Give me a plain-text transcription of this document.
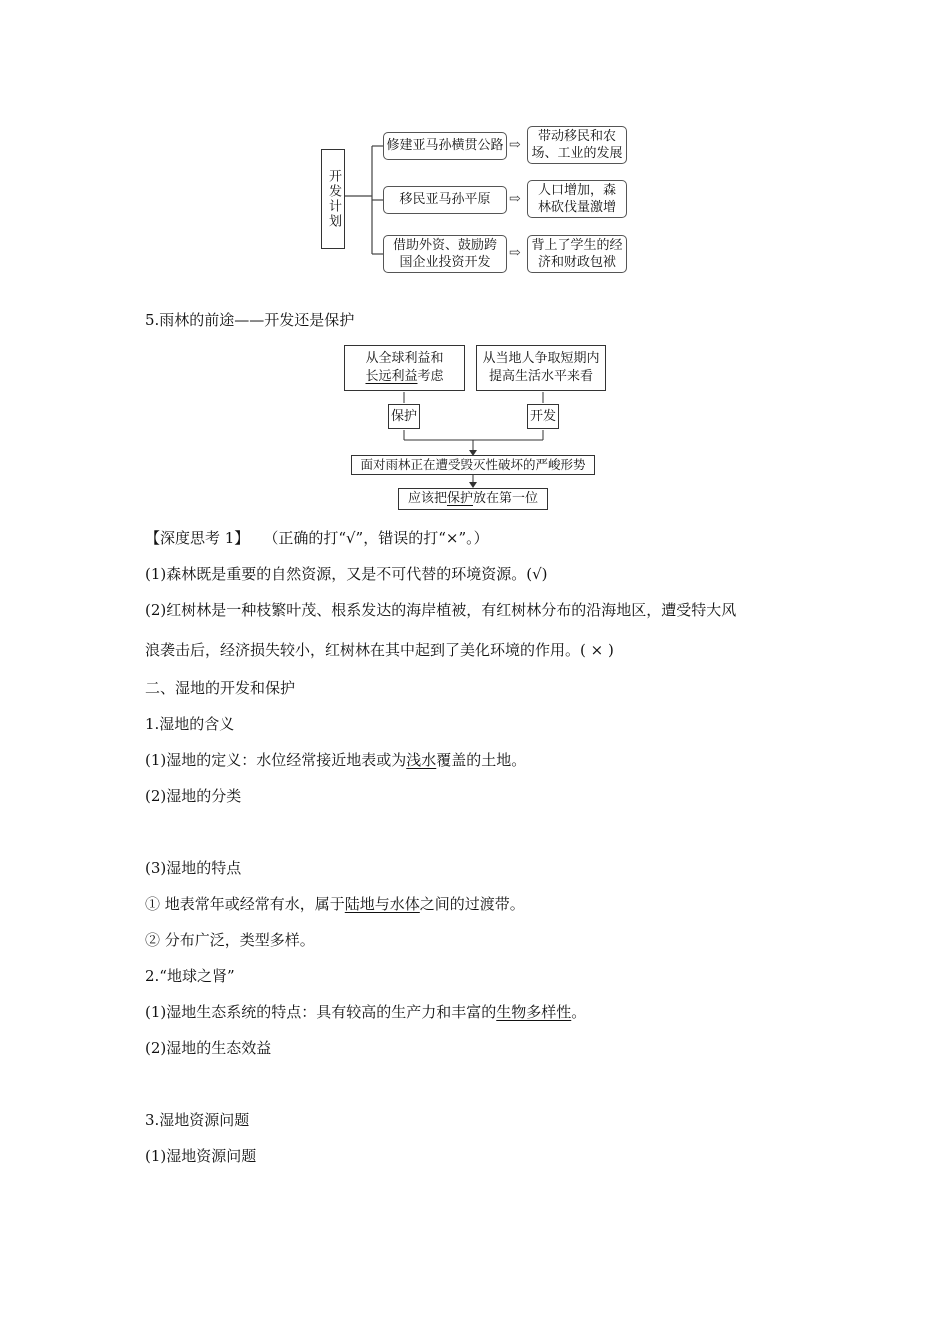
开发计划
修建亚马孙横贯公路 ⇨
带动移民和农
场、工业的发展
移民亚马孙平原 ⇨
人口增加，森
林砍伐量激增
借助外资、鼓励跨
国企业投资开发
⇨ 背上了学生的经
济和财政包袱
5.雨林的前途——开发还是保护
从全球利益和
长远利益考虑
从当地人争取短期内
提高生活水平来看
保护	开发
面对雨林正在遭受毁灭性破坏的严峻形势
应该把保护放在第一位
【深度思考 1】 （正确的打“√”，错误的打“×”。）
(1)森林既是重要的自然资源，又是不可代替的环境资源。(√)
(2)红树林是一种枝繁叶茂、根系发达的海岸植被，有红树林分布的沿海地区，遭受特大风
浪袭击后，经济损失较小，红树林在其中起到了美化环境的作用。( × )
二、湿地的开发和保护
1.湿地的含义
(1)湿地的定义：水位经常接近地表或为浅水覆盖的土地。
(2)湿地的分类
(3)湿地的特点
① 地表常年或经常有水，属于陆地与水体之间的过渡带。
② 分布广泛，类型多样。
2.“地球之肾”
(1)湿地生态系统的特点：具有较高的生产力和丰富的生物多样性。
(2)湿地的生态效益
3.湿地资源问题
(1)湿地资源问题
